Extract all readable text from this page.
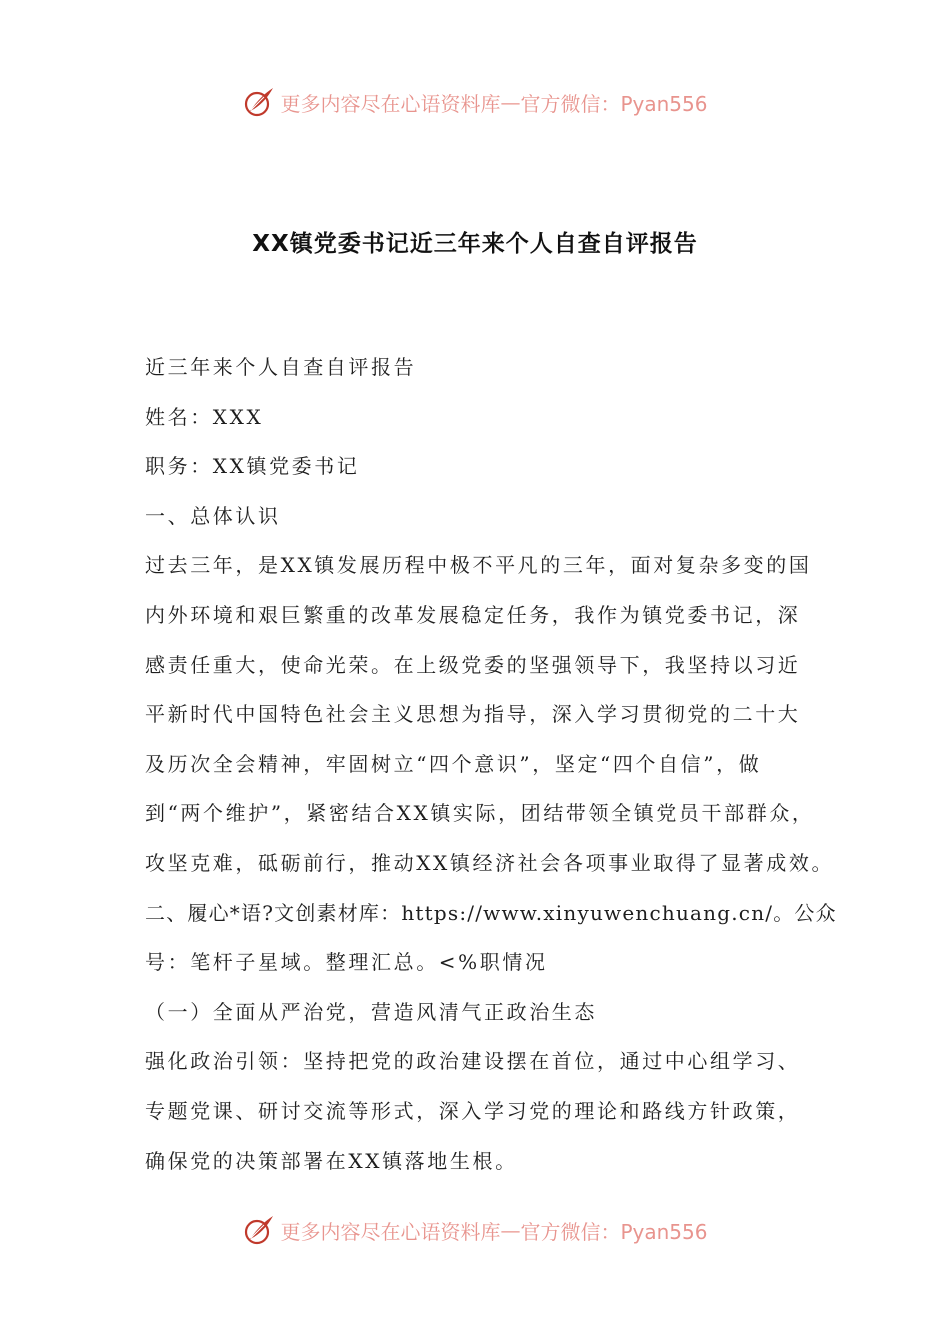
更多内容尽在心语资料库 — 官方微信：Pyan556
XX镇党委书记近三年来个人自查自评报告
近三年来个人自查自评报告
姓名：XXX
职务：XX镇党委书记
一、总体认识
过去三年，是XX镇发展历程中极不平凡的三年，面对复杂多变的国
内外环境和艰巨繁重的改革发展稳定任务，我作为镇党委书记，深
感责任重大，使命光荣。在上级党委的坚强领导下，我坚持以习近
平新时代中国特色社会主义思想为指导，深入学习贯彻党的二十大
及历次全会精神，牢固树立“四个意识”，坚定“四个自信”，做
到“两个维护”，紧密结合XX镇实际，团结带领全镇党员干部群众，
攻坚克难，砥砺前行，推动XX镇经济社会各项事业取得了显著成效。
二、履心*语?文创素材库：https://www.xinyuwenchuang.cn/。公众
号：笔杆子星域。整理汇总。<%职情况
（一）全面从严治党，营造风清气正政治生态
强化政治引领：坚持把党的政治建设摆在首位，通过中心组学习、
专题党课、研讨交流等形式，深入学习党的理论和路线方针政策，
确保党的决策部署在XX镇落地生根。
更多内容尽在心语资料库 — 官方微信：Pyan556
